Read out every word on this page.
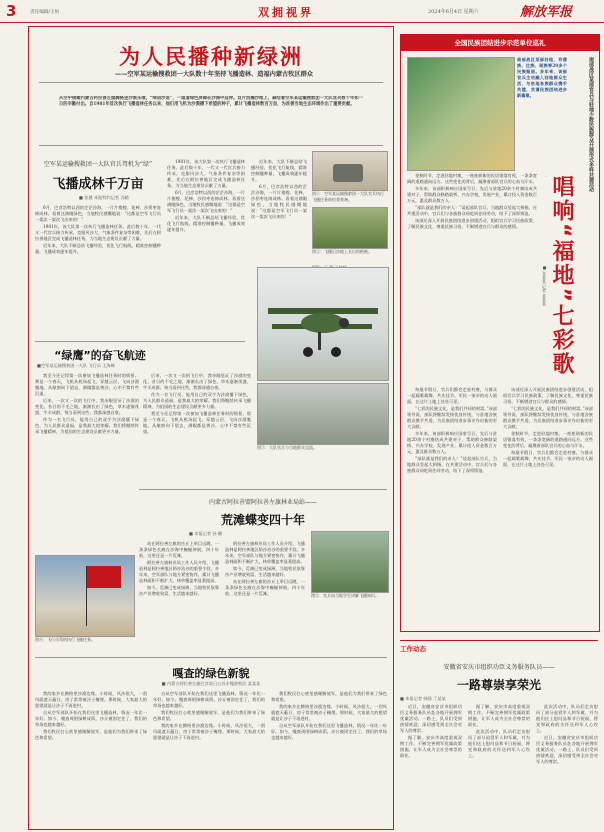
3	责任编辑/王恒	双拥视界	2024年6月4日 星期六	解放军报
为人民播种新绿洲
——空军某运输搜救团一大队数十年坚持飞播造林、造福内蒙古牧区群众
从空中俯瞰内蒙古阿拉善左旗腾格里沙漠东缘，“绿进沙退”，一道道绿色屏障在沙海中延伸。这片浩瀚沙地上，凝结着空军某运输搜救团一大队官兵数十年如一日的辛勤付出。自1981年首次执行飞播造林任务以来，他们用飞机为沙漠播下希望的种子，累计飞播造林数百万亩，为改善当地生态环境作出了重要贡献。
空军某运输搜救团一大队官兵驾机为“绿”
飞播成林千万亩
■ 张健 本报特约记者 冯晓

6月，巴彦浩特以西的茫茫沙海，一片片梭梭、花棒、沙拐枣连绵成林。看着这满眼绿色，当地牧民感慨地说：“这都是空军飞行员一架次一架次飞出来的！”

1981年，该大队第一次执行飞播造林任务。此后数十年，一代又一代官兵接力传承，克服风沙大、气象条件复杂等困难，先后在阿拉善地区完成飞播造林任务，为当地生态建设贡献了力量。

近年来，大队不断总结飞播经验，优化飞行航线，精准控制播种量，飞播成效逐年提升。

1981年，该大队第一次执行飞播造林任务。此后数十年，一代又一代官兵接力传承，克服风沙大、气象条件复杂等困难，先后在阿拉善地区完成飞播造林任务，为当地生态建设贡献了力量。

6月，巴彦浩特以西的茫茫沙海，一片片梭梭、花棒、沙拐枣连绵成林。看着这满眼绿色，当地牧民感慨地说：“这都是空军飞行员一架次一架次飞出来的！”

近年来，大队不断总结飞播经验，优化飞行航线，精准控制播种量，飞播成效逐年提升。

近年来，大队不断总结飞播经验，优化飞行航线，精准控制播种量，飞播成效逐年提升。

6月，巴彦浩特以西的茫茫沙海，一片片梭梭、花棒、沙拐枣连绵成林。看着这满眼绿色，当地牧民感慨地说：“这都是空军飞行员一架次一架次飞出来的！”

图①：空军某运输搜救团一大队官兵执行飞播任务前检查装备。
图②：飞播后沙地上长出的植被。
“绿鹰”的奋飞航迹
■空军某运输搜救团一大队 飞行员 王海峰

我至今还记得第一次参加飞播造林任务时的情景。那是一个春天，飞机从机场起飞，穿越云层，飞向沙漠腹地。从舷窗向下望去，满眼都是黄沙，心中不禁有些沉重。

后来，一次又一次的飞行中，我亲眼见证了沙漠的变化。昔日的不毛之地，渐渐长出了绿色，草木逐渐茂盛，牛羊成群。每当看到这些，我都深感自豪。

作为一名飞行员，能用自己的双手为沙漠播下绿色，为人民群众造福，是我最大的荣耀。我们将继续传承飞播精神，为祖国的生态建设贡献更多力量。

后来，一次又一次的飞行中，我亲眼见证了沙漠的变化。昔日的不毛之地，渐渐长出了绿色，草木逐渐茂盛，牛羊成群。每当看到这些，我都深感自豪。

作为一名飞行员，能用自己的双手为沙漠播下绿色，为人民群众造福，是我最大的荣耀。我们将继续传承飞播精神，为祖国的生态建设贡献更多力量。

我至今还记得第一次参加飞播造林任务时的情景。那是一个春天，飞机从机场起飞，穿越云层，飞向沙漠腹地。从舷窗向下望去，满眼都是黄沙，心中不禁有些沉重。

图③：大队官兵与当地群众交流。
图④：飞行员驾机执行飞播任务。
内蒙古阿拉善盟阿拉善左旗林业局站——
荒滩蝶变四十年
■ 本报记者 孙 鹏

站在阿拉善左旗的沙丘上举目远眺，一条条绿色长廊在沙海中蜿蜒伸展。四十年前，这里还是一片荒滩。

阿拉善左旗林业局工作人员介绍，飞播造林是阿拉善地区防沙治沙的重要手段。多年来，空军部队与地方紧密协作，累计飞播造林面积不断扩大，林草覆盖率显著提高。

如今，荒滩已变成绿洲，当地牧民依靠沙产业增收致富，生活越来越好。

阿拉善左旗林业局工作人员介绍，飞播造林是阿拉善地区防沙治沙的重要手段。多年来，空军部队与地方紧密协作，累计飞播造林面积不断扩大，林草覆盖率显著提高。

如今，荒滩已变成绿洲，当地牧民依靠沙产业增收致富，生活越来越好。

站在阿拉善左旗的沙丘上举目远眺，一条条绿色长廊在沙海中蜿蜒伸展。四十年前，这里还是一片荒滩。	图⑤：官兵向当地学生讲解飞播知识。
嘎查的绿色新貌
■ 内蒙古阿拉善左旗巴彦诺日公苏木嘎查牧民 某某某

我的家乡在腾格里沙漠边缘。小时候，风沙很大，一刮风就遮天蔽日，房子常常被沙子掩埋。那时候，大家最大的愿望就是让沙子不再进村。

自从空军部队开始在我们这里飞播造林，情况一年比一年好。如今，嘎查周围绿树成荫，沙丘被固定住了，我们的草场也越来越好。

我们牧民打心底里感谢解放军，是他们为我们带来了绿色和希望。

自从空军部队开始在我们这里飞播造林，情况一年比一年好。如今，嘎查周围绿树成荫，沙丘被固定住了，我们的草场也越来越好。

我们牧民打心底里感谢解放军，是他们为我们带来了绿色和希望。

我的家乡在腾格里沙漠边缘。小时候，风沙很大，一刮风就遮天蔽日，房子常常被沙子掩埋。那时候，大家最大的愿望就是让沙子不再进村。

我们牧民打心底里感谢解放军，是他们为我们带来了绿色和希望。

我的家乡在腾格里沙漠边缘。小时候，风沙很大，一刮风就遮天蔽日，房子常常被沙子掩埋。那时候，大家最大的愿望就是让沙子不再进村。

自从空军部队开始在我们这里飞播造林，情况一年比一年好。如今，嘎查周围绿树成荫，沙丘被固定住了，我们的草场也越来越好。

全国民族团结进步示范单位巡礼
南部战区某部驻地，有傣族、壮族、瑶族等20多个民族聚居。多年来，该部官兵主动融入驻地群众生活，与驻地各族群众携手共建，共谱民族团结进步新篇章。	南部战区某部官兵与驻地少数民族群众开展形式多样共建活动
唱响“福地”七彩歌
■ 张某某 记者 某某某

金秋时节，走进驻地村寨，一座座崭新的民居错落有致，一条条宽阔的道路通向远方。这些变化的背后，凝聚着部队官兵的心血与汗水。

多年来，该部积极响应国家号召，先后与驻地20余个村寨结成共建对子，帮助群众修路架桥、兴办学校、发展产业，累计投入资金数百万元，惠及群众数万人。

“部队就是我们的亲人！”谈起部队官兵，当地群众竖起大拇指。在共建活动中，官兵们与各族群众同吃同住同劳动，结下了深厚情谊。

该部还深入开展民族团结进步创建活动，组织官兵学习民族政策、了解民族文化、尊重民族习俗，不断增进官兵与群众的感情。

每逢节假日，官兵们都会走进村寨，与群众一起载歌载舞，共庆佳节。军民一家亲的动人画面，在这片土地上处处可见。

“七彩的民族文化，是我们共同的财富。”该部领导说，部队将继续发扬优良传统，与驻地各族群众携手共进，为民族团结进步事业作出新的更大贡献。

多年来，该部积极响应国家号召，先后与驻地20余个村寨结成共建对子，帮助群众修路架桥、兴办学校、发展产业，累计投入资金数百万元，惠及群众数万人。

“部队就是我们的亲人！”谈起部队官兵，当地群众竖起大拇指。在共建活动中，官兵们与各族群众同吃同住同劳动，结下了深厚情谊。

该部还深入开展民族团结进步创建活动，组织官兵学习民族政策、了解民族文化、尊重民族习俗，不断增进官兵与群众的感情。

“七彩的民族文化，是我们共同的财富。”该部领导说，部队将继续发扬优良传统，与驻地各族群众携手共进，为民族团结进步事业作出新的更大贡献。

金秋时节，走进驻地村寨，一座座崭新的民居错落有致，一条条宽阔的道路通向远方。这些变化的背后，凝聚着部队官兵的心血与汗水。

每逢节假日，官兵们都会走进村寨，与群众一起载歌载舞，共庆佳节。军民一家亲的动人画面，在这片土地上处处可见。

工作动态
安徽省安庆市组织功臣义务服务队员——
一路尊崇享荣光
■ 本报记者 韩强 丁某某

近日，安徽省安庆市组织功臣义务服务队员赴各地开展拥军优属活动。一路上，队员们受到热情欢迎，深切感受到全社会对军人的尊崇。

据了解，安庆市高度重视双拥工作，不断完善拥军优属政策措施，让军人成为全社会尊崇的职业。

据了解，安庆市高度重视双拥工作，不断完善拥军优属政策措施，让军人成为全社会尊崇的职业。

此次活动中，队员们走访慰问了部分退役军人和军属，并为他们送上慰问品和节日祝福，将党和政府的关怀送到军人心坎上。

此次活动中，队员们走访慰问了部分退役军人和军属，并为他们送上慰问品和节日祝福，将党和政府的关怀送到军人心坎上。

近日，安徽省安庆市组织功臣义务服务队员赴各地开展拥军优属活动。一路上，队员们受到热情欢迎，深切感受到全社会对军人的尊崇。
